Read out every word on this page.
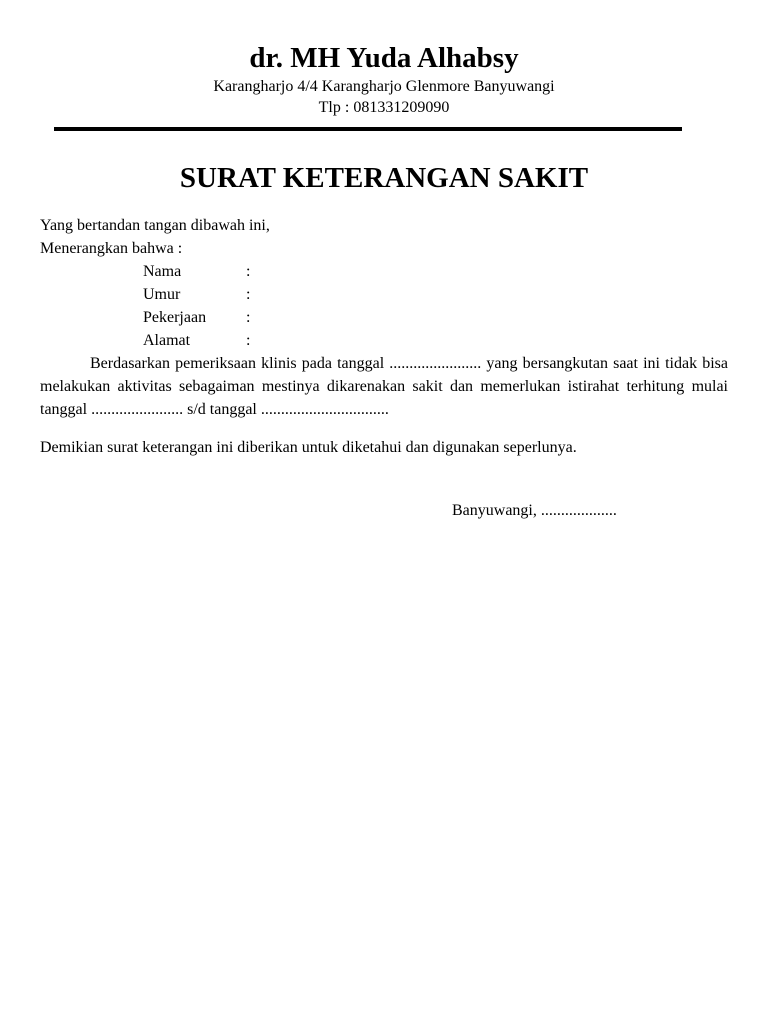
dr. MH Yuda Alhabsy

Karangharjo 4/4 Karangharjo Glenmore Banyuwangi

Tlp : 081331209090

SURAT KETERANGAN SAKIT

Yang bertandan tangan dibawah ini,

Menerangkan bahwa :

Nama	:
Umur	:
Pekerjaan	:
Alamat	:

Berdasarkan pemeriksaan klinis pada tanggal ....................... yang bersangkutan saat ini tidak bisa melakukan aktivitas sebagaiman mestinya dikarenakan sakit dan memerlukan istirahat terhitung mulai tanggal ....................... s/d tanggal ................................

Demikian surat keterangan ini diberikan untuk diketahui dan digunakan seperlunya.

Banyuwangi, ...................
